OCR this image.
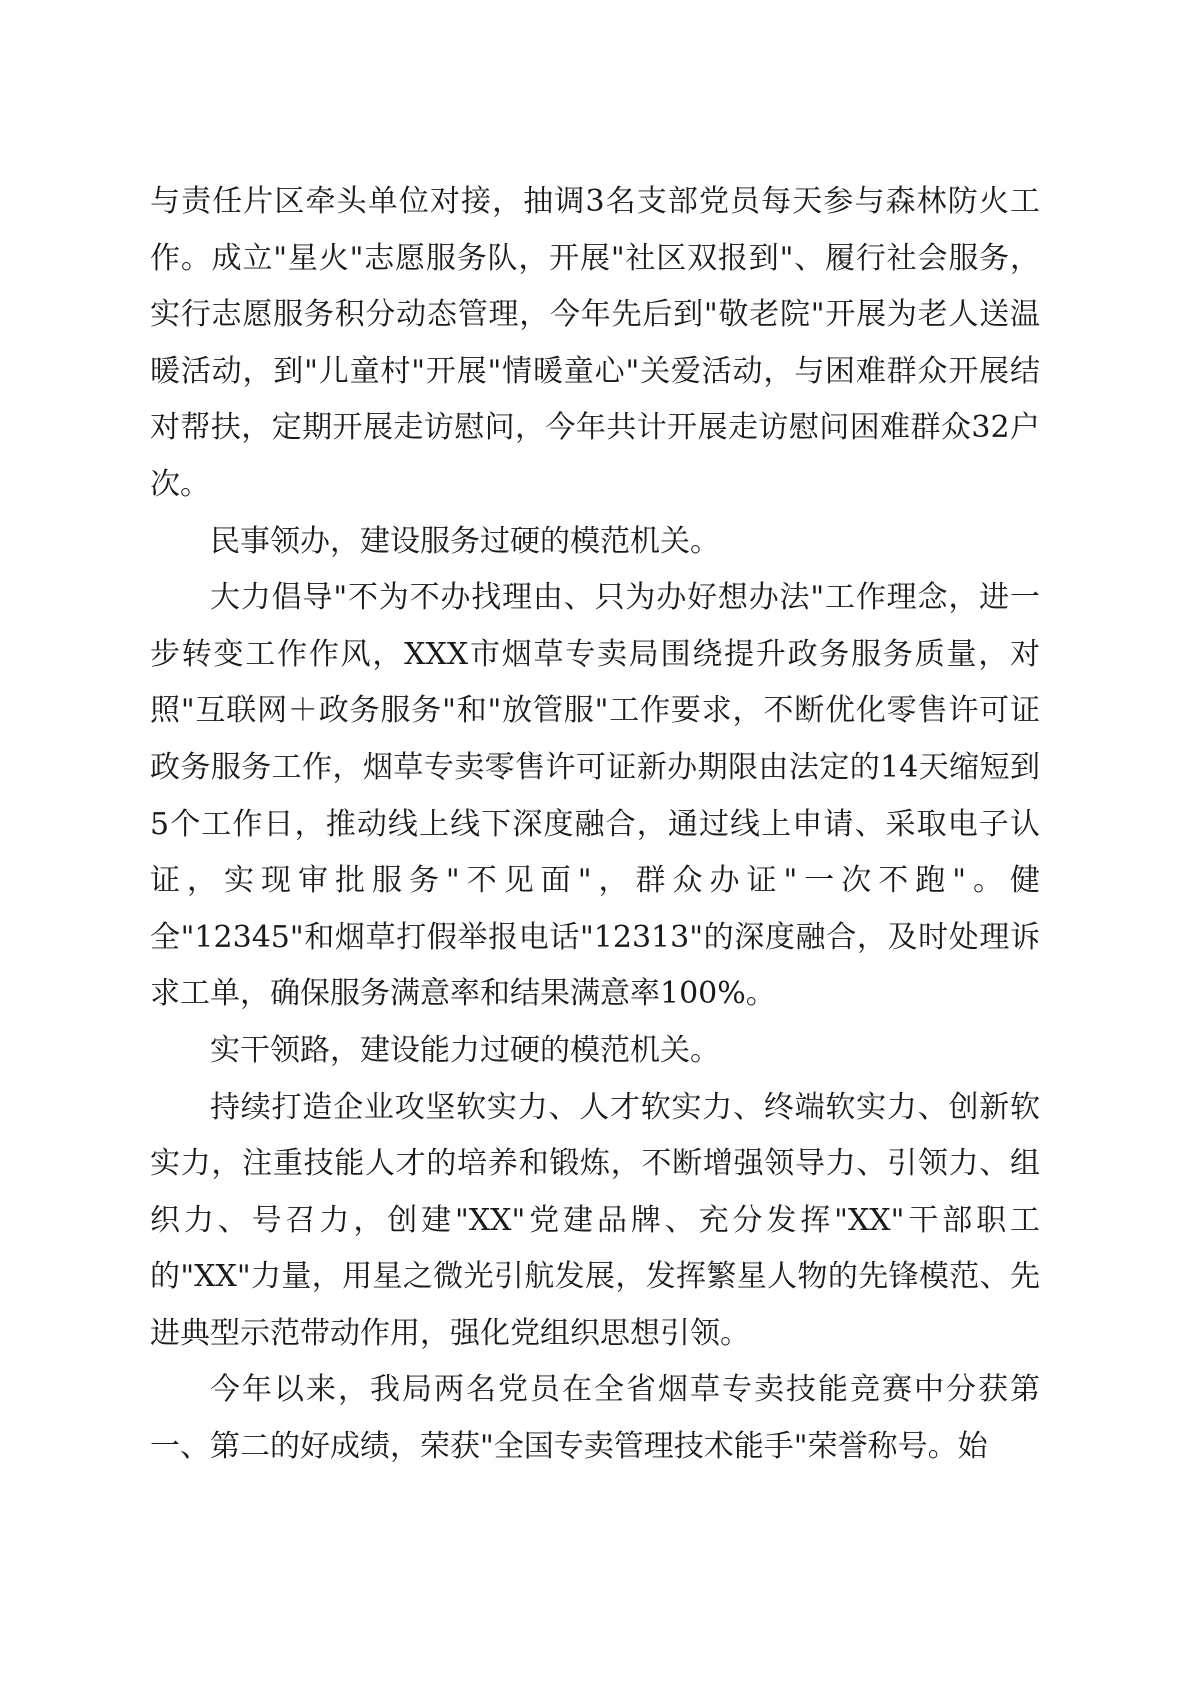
与责任片区牵头单位对接，抽调3名支部党员每天参与森林防火工作。成立"星火"志愿服务队，开展"社区双报到"、履行社会服务，实行志愿服务积分动态管理，今年先后到"敬老院"开展为老人送温暖活动，到"儿童村"开展"情暖童心"关爱活动，与困难群众开展结对帮扶，定期开展走访慰问，今年共计开展走访慰问困难群众32户次。

民事领办，建设服务过硬的模范机关。

大力倡导"不为不办找理由、只为办好想办法"工作理念，进一步转变工作作风，XXX市烟草专卖局围绕提升政务服务质量，对照"互联网＋政务服务"和"放管服"工作要求，不断优化零售许可证政务服务工作，烟草专卖零售许可证新办期限由法定的14天缩短到5个工作日，推动线上线下深度融合，通过线上申请、采取电子认证，实现审批服务"不见面"，群众办证"一次不跑"。健全"12345"和烟草打假举报电话"12313"的深度融合，及时处理诉求工单，确保服务满意率和结果满意率100%。

实干领路，建设能力过硬的模范机关。

持续打造企业攻坚软实力、人才软实力、终端软实力、创新软实力，注重技能人才的培养和锻炼，不断增强领导力、引领力、组织力、号召力，创建"XX"党建品牌、充分发挥"XX"干部职工的"XX"力量，用星之微光引航发展，发挥繁星人物的先锋模范、先进典型示范带动作用，强化党组织思想引领。

今年以来，我局两名党员在全省烟草专卖技能竞赛中分获第一、第二的好成绩，荣获"全国专卖管理技术能手"荣誉称号。始
